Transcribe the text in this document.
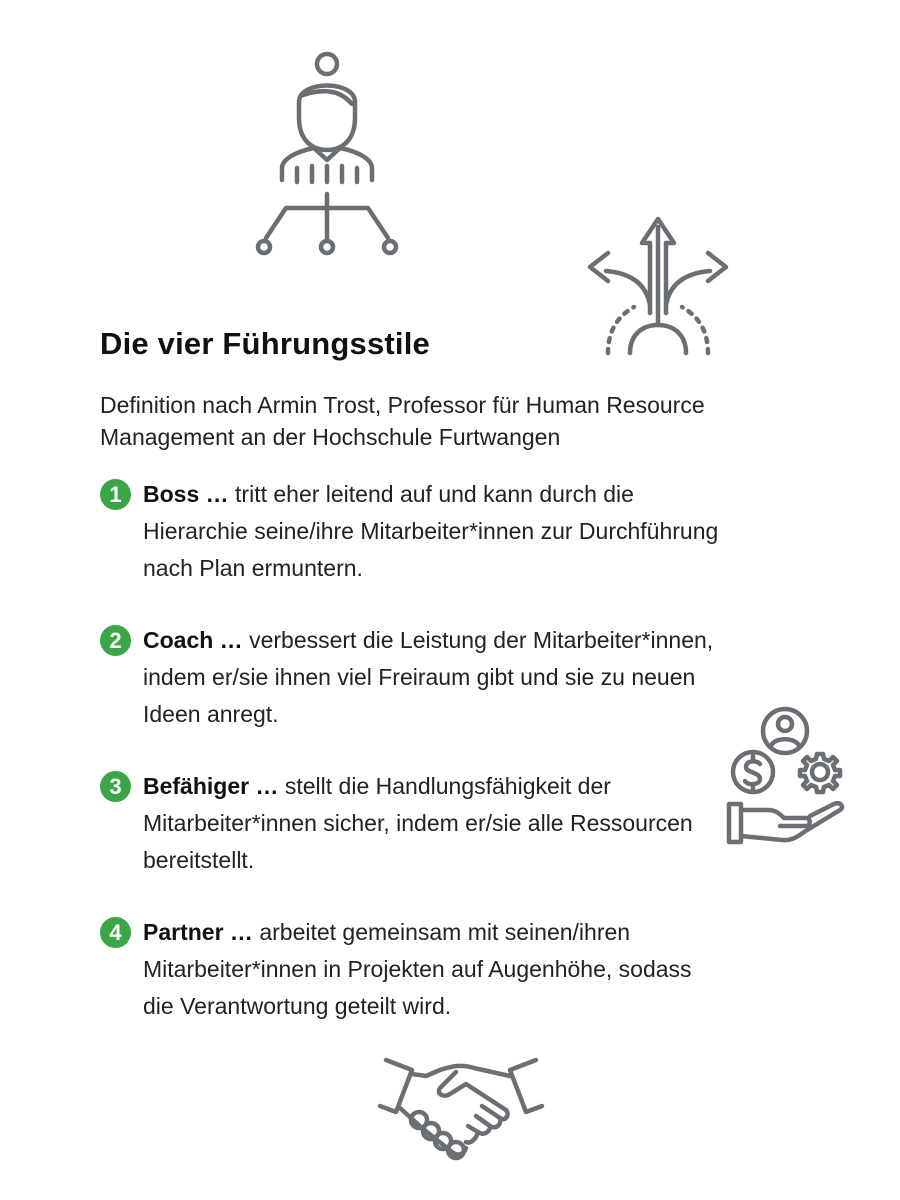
Die vier Führungsstile

Definition nach Armin Trost, Professor für Human Resource Management an der Hochschule Furtwangen

1 Boss … tritt eher leitend auf und kann durch die Hierarchie seine/ihre Mitarbeiter*innen zur Durchführung nach Plan ermuntern.
2 Coach … verbessert die Leistung der Mitarbeiter*innen, indem er/sie ihnen viel Freiraum gibt und sie zu neuen Ideen anregt.
3 Befähiger … stellt die Handlungsfähigkeit der Mitarbeiter*innen sicher, indem er/sie alle Ressourcen bereitstellt.
4 Partner … arbeitet gemeinsam mit seinen/ihren Mitarbeiter*innen in Projekten auf Augenhöhe, sodass die Verantwortung geteilt wird.
